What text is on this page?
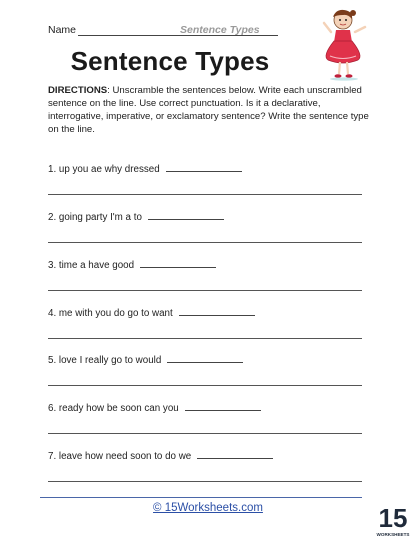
Name	Sentence Types
Sentence Types
DIRECTIONS: Unscramble the sentences below. Write each unscrambled sentence on the line. Use correct punctuation. Is it a declarative, interrogative, imperative, or exclamatory sentence? Write the sentence type on the line.
1. up you ae why dressed
2. going party I'm a to
3. time a have good
4. me with you do go to want
5. love I really go to would
6. ready how be soon can you
7. leave how need soon to do we
© 15Worksheets.com	15
WORKSHEETS
